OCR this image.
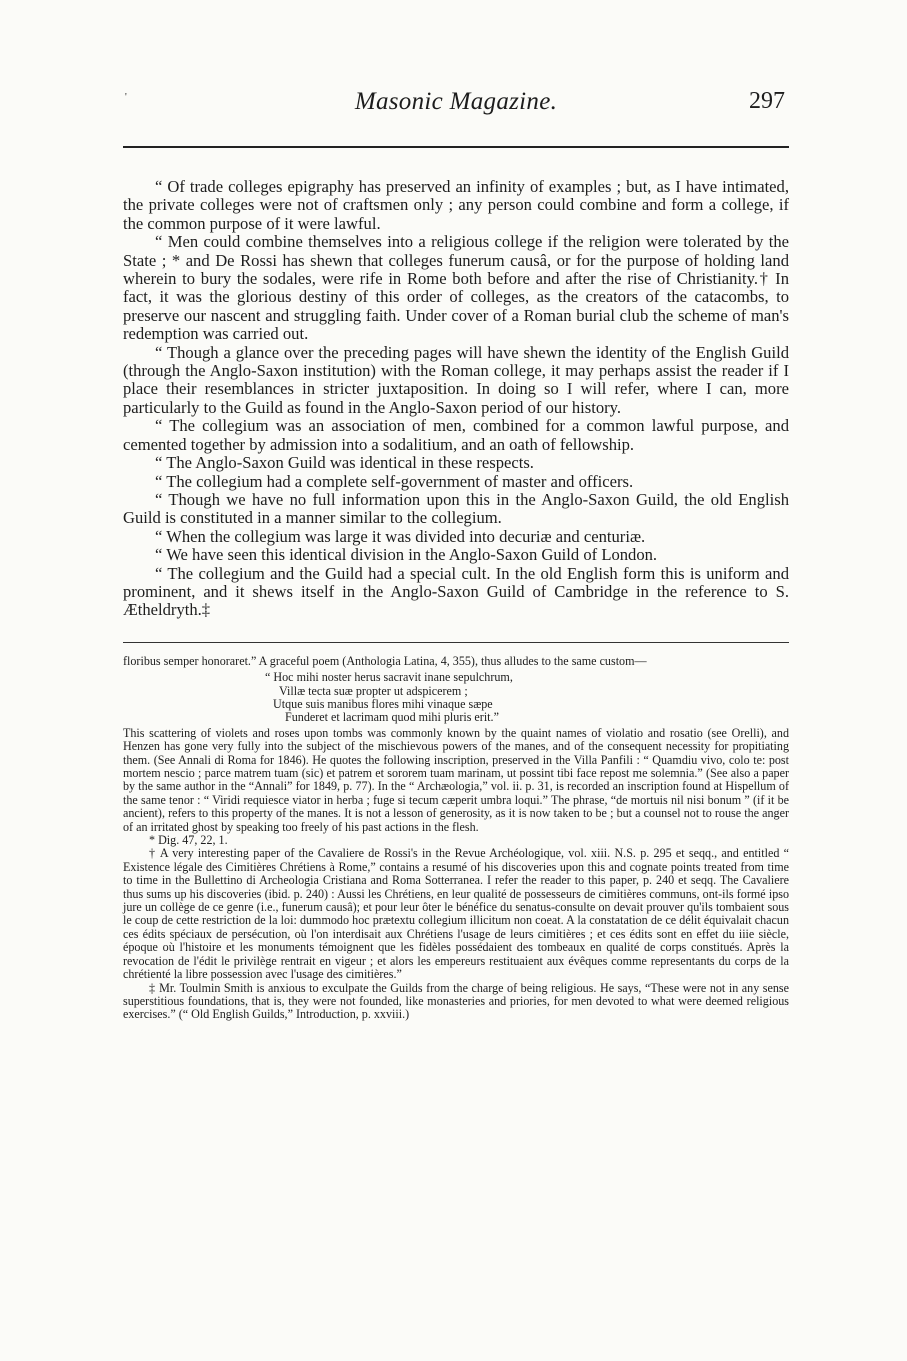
'	Masonic Magazine.	297

“ Of trade colleges epigraphy has preserved an infinity of examples ; but, as I have intimated, the private colleges were not of craftsmen only ; any person could combine and form a college, if the common purpose of it were lawful.

“ Men could combine themselves into a religious college if the religion were tolerated by the State ; * and De Rossi has shewn that colleges funerum causâ, or for the purpose of holding land wherein to bury the sodales, were rife in Rome both before and after the rise of Christianity.† In fact, it was the glorious destiny of this order of colleges, as the creators of the catacombs, to preserve our nascent and struggling faith. Under cover of a Roman burial club the scheme of man's redemption was carried out.

“ Though a glance over the preceding pages will have shewn the identity of the English Guild (through the Anglo-Saxon institution) with the Roman college, it may perhaps assist the reader if I place their resemblances in stricter juxtaposition. In doing so I will refer, where I can, more particularly to the Guild as found in the Anglo-Saxon period of our history.

“ The collegium was an association of men, combined for a common lawful purpose, and cemented together by admission into a sodalitium, and an oath of fellowship.

“ The Anglo-Saxon Guild was identical in these respects.

“ The collegium had a complete self-government of master and officers.

“ Though we have no full information upon this in the Anglo-Saxon Guild, the old English Guild is constituted in a manner similar to the collegium.

“ When the collegium was large it was divided into decuriæ and centuriæ.

“ We have seen this identical division in the Anglo-Saxon Guild of London.

“ The collegium and the Guild had a special cult. In the old English form this is uniform and prominent, and it shews itself in the Anglo-Saxon Guild of Cambridge in the reference to S. Ætheldryth.‡

floribus semper honoraret.” A graceful poem (Anthologia Latina, 4, 355), thus alludes to the same custom—

“ Hoc mihi noster herus sacravit inane sepulchrum,
Villæ tecta suæ propter ut adspicerem ;
Utque suis manibus flores mihi vinaque sæpe
Funderet et lacrimam quod mihi pluris erit.”

This scattering of violets and roses upon tombs was commonly known by the quaint names of violatio and rosatio (see Orelli), and Henzen has gone very fully into the subject of the mischievous powers of the manes, and of the consequent necessity for propitiating them. (See Annali di Roma for 1846). He quotes the following inscription, preserved in the Villa Panfili : “ Quamdiu vivo, colo te: post mortem nescio ; parce matrem tuam (sic) et patrem et sororem tuam marinam, ut possint tibi face repost me solemnia.” (See also a paper by the same author in the “Annali” for 1849, p. 77). In the “ Archæologia,” vol. ii. p. 31, is recorded an inscription found at Hispellum of the same tenor : “ Viridi requiesce viator in herba ; fuge si tecum cæperit umbra loqui.” The phrase, “de mortuis nil nisi bonum ” (if it be ancient), refers to this property of the manes. It is not a lesson of generosity, as it is now taken to be ; but a counsel not to rouse the anger of an irritated ghost by speaking too freely of his past actions in the flesh.

* Dig. 47, 22, 1.

† A very interesting paper of the Cavaliere de Rossi's in the Revue Archéologique, vol. xiii. N.S. p. 295 et seqq., and entitled “ Existence légale des Cimitières Chrétiens à Rome,” contains a resumé of his discoveries upon this and cognate points treated from time to time in the Bullettino di Archeologia Cristiana and Roma Sotterranea. I refer the reader to this paper, p. 240 et seqq. The Cavaliere thus sums up his discoveries (ibid. p. 240) : Aussi les Chrétiens, en leur qualité de possesseurs de cimitières communs, ont-ils formé ipso jure un collège de ce genre (i.e., funerum causâ); et pour leur ôter le bénéfice du senatus-consulte on devait prouver qu'ils tombaient sous le coup de cette restriction de la loi: dummodo hoc prætextu collegium illicitum non coeat. A la constatation de ce délit équivalait chacun ces édits spéciaux de persécution, où l'on interdisait aux Chrétiens l'usage de leurs cimitières ; et ces édits sont en effet du iiie siècle, époque où l'histoire et les monuments témoignent que les fidèles possédaient des tombeaux en qualité de corps constitués. Après la revocation de l'édit le privilège rentrait en vigeur ; et alors les empereurs restituaient aux évêques comme representants du corps de la chrétienté la libre possession avec l'usage des cimitières.”

‡ Mr. Toulmin Smith is anxious to exculpate the Guilds from the charge of being religious. He says, “These were not in any sense superstitious foundations, that is, they were not founded, like monasteries and priories, for men devoted to what were deemed religious exercises.” (“ Old English Guilds,” Introduction, p. xxviii.)
